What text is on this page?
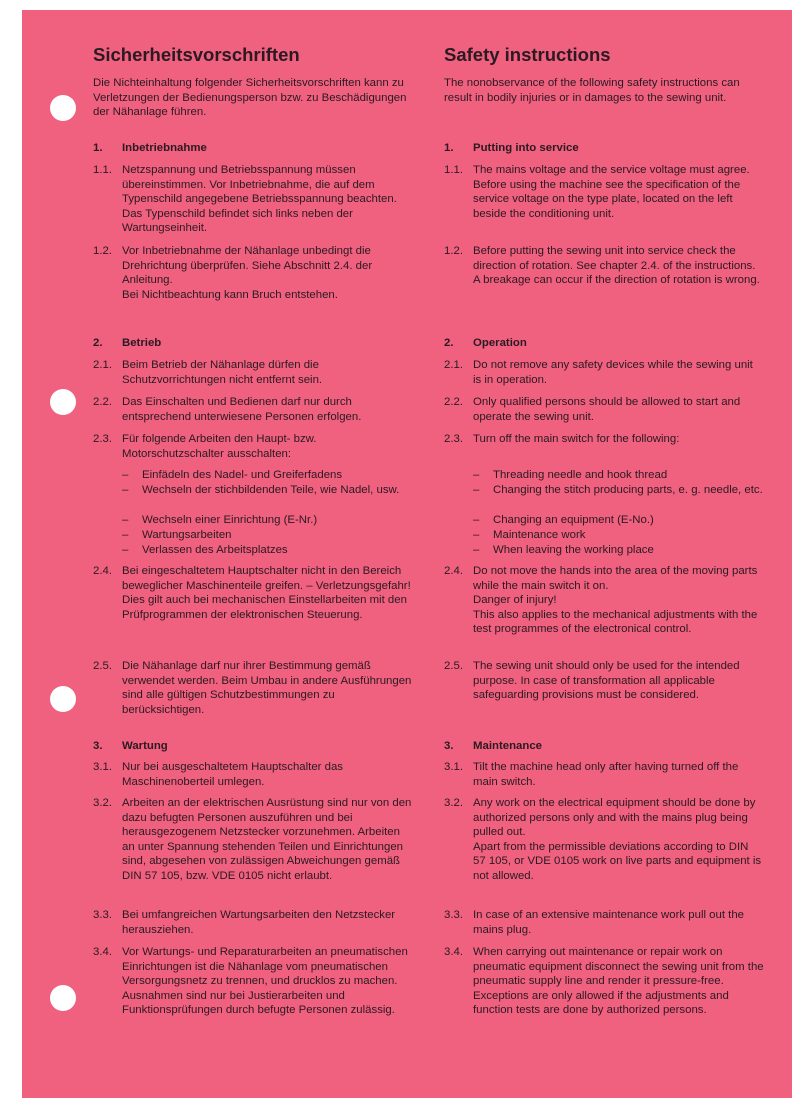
Sicherheitsvorschriften
Die Nichteinhaltung folgender Sicherheitsvorschriften kann zu Verletzungen der Bedienungsperson bzw. zu Beschädigungen der Nähanlage führen.
1. Inbetriebnahme
1.1. Netzspannung und Betriebsspannung müssen übereinstimmen. Vor Inbetriebnahme, die auf dem Typenschild angegebene Betriebsspannung beachten. Das Typenschild befindet sich links neben der Wartungseinheit.
1.2. Vor Inbetriebnahme der Nähanlage unbedingt die Drehrichtung überprüfen. Siehe Abschnitt 2.4. der Anleitung.
Bei Nichtbeachtung kann Bruch entstehen.
2. Betrieb
2.1. Beim Betrieb der Nähanlage dürfen die Schutzvorrichtungen nicht entfernt sein.
2.2. Das Einschalten und Bedienen darf nur durch entsprechend unterwiesene Personen erfolgen.
2.3. Für folgende Arbeiten den Haupt- bzw. Motorschutzschalter ausschalten:
– Einfädeln des Nadel- und Greiferfadens
– Wechseln der stichbildenden Teile, wie Nadel, usw.
– Wechseln einer Einrichtung (E-Nr.)
– Wartungsarbeiten
– Verlassen des Arbeitsplatzes
2.4. Bei eingeschaltetem Hauptschalter nicht in den Bereich beweglicher Maschinenteile greifen. – Verletzungsgefahr!
Dies gilt auch bei mechanischen Einstellarbeiten mit den Prüfprogrammen der elektronischen Steuerung.
2.5. Die Nähanlage darf nur ihrer Bestimmung gemäß verwendet werden. Beim Umbau in andere Ausführungen sind alle gültigen Schutzbestimmungen zu berücksichtigen.
3. Wartung
3.1. Nur bei ausgeschaltetem Hauptschalter das Maschinenoberteil umlegen.
3.2. Arbeiten an der elektrischen Ausrüstung sind nur von den dazu befugten Personen auszuführen und bei herausgezogenem Netzstecker vorzunehmen. Arbeiten an unter Spannung stehenden Teilen und Einrichtungen sind, abgesehen von zulässigen Abweichungen gemäß DIN 57 105, bzw. VDE 0105 nicht erlaubt.
3.3. Bei umfangreichen Wartungsarbeiten den Netzstecker herausziehen.
3.4. Vor Wartungs- und Reparaturarbeiten an pneumatischen Einrichtungen ist die Nähanlage vom pneumatischen Versorgungsnetz zu trennen, und drucklos zu machen.
Ausnahmen sind nur bei Justierarbeiten und Funktionsprüfungen durch befugte Personen zulässig.
Safety instructions
The nonobservance of the following safety instructions can result in bodily injuries or in damages to the sewing unit.
1. Putting into service
1.1. The mains voltage and the service voltage must agree. Before using the machine see the specification of the service voltage on the type plate, located on the left beside the conditioning unit.
1.2. Before putting the sewing unit into service check the direction of rotation. See chapter 2.4. of the instructions.
A breakage can occur if the direction of rotation is wrong.
2. Operation
2.1. Do not remove any safety devices while the sewing unit is in operation.
2.2. Only qualified persons should be allowed to start and operate the sewing unit.
2.3. Turn off the main switch for the following:
– Threading needle and hook thread
– Changing the stitch producing parts, e. g. needle, etc.
– Changing an equipment (E-No.)
– Maintenance work
– When leaving the working place
2.4. Do not move the hands into the area of the moving parts while the main switch it on.
Danger of injury!
This also applies to the mechanical adjustments with the test programmes of the electronical control.
2.5. The sewing unit should only be used for the intended purpose. In case of transformation all applicable safeguarding provisions must be considered.
3. Maintenance
3.1. Tilt the machine head only after having turned off the main switch.
3.2. Any work on the electrical equipment should be done by authorized persons only and with the mains plug being pulled out.
Apart from the permissible deviations according to DIN 57 105, or VDE 0105 work on live parts and equipment is not allowed.
3.3. In case of an extensive maintenance work pull out the mains plug.
3.4. When carrying out maintenance or repair work on pneumatic equipment disconnect the sewing unit from the pneumatic supply line and render it pressure-free.
Exceptions are only allowed if the adjustments and function tests are done by authorized persons.
